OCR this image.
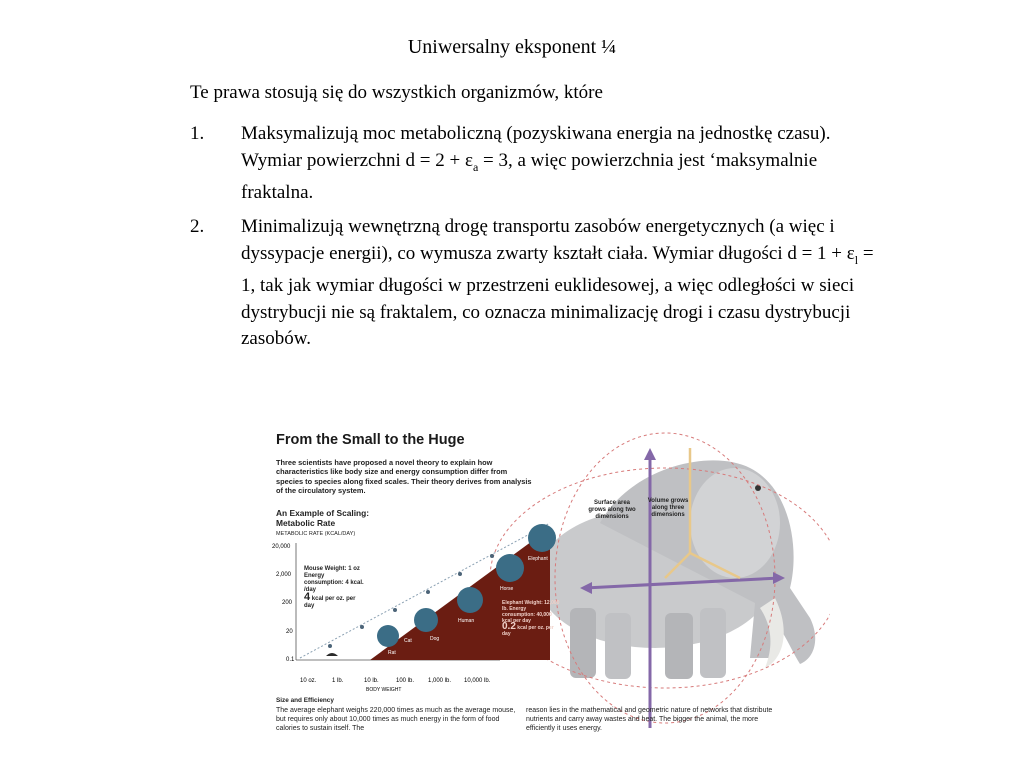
Uniwersalny eksponent ¼
Te prawa stosują się do wszystkich organizmów, które
1.	Maksymalizują moc metaboliczną (pozyskiwana energia na jednostkę czasu). Wymiar powierzchni $d = 2 + \varepsilon_a = 3$, a więc powierzchnia jest ‘maksymalnie fraktalna.
2.	Minimalizują wewnętrzną drogę transportu zasobów energetycznych (a więc i dyssypacje energii), co wymusza zwarty kształt ciała. Wymiar długości $d = 1 + \varepsilon_l = 1$, tak jak wymiar długości w przestrzeni euklidesowej, a więc odległości w sieci dystrybucji nie są fraktalem, co oznacza minimalizację drogi i czasu dystrybucji zasobów.
20,000
2,000
200
20
0.1
10 oz.	1 lb.	10 lb.	100 lb. 1,000 lb. 10,000 lb.
BODY WEIGHT
Rat
Cat	Dog
Human
Horse
Elephant
From the Small to the Huge
Three scientists have proposed a novel theory to explain how characteristics like body size and energy consumption differ from species to species along fixed scales. Their theory derives from analysis of the circulatory system.
An Example of Scaling: Metabolic Rate
METABOLIC RATE (KCAL/DAY)
Mouse Weight: 1 oz Energy consumption: 4 kcal. /day
4 kcal per oz. per day	Elephant Weight: 12,000 lb. Energy consumption: 40,000 kcal per day
0.2 kcal per oz. per day
Surface area grows along two dimensions
Volume grows along three dimensions
Size and Efficiency
The average elephant weighs 220,000 times as much as the average mouse, but requires only about 10,000 times as much energy in the form of food calories to sustain itself. The
reason lies in the mathematical and geometric nature of networks that distribute nutrients and carry away wastes and heat. The bigger the animal, the more efficiently it uses energy.
